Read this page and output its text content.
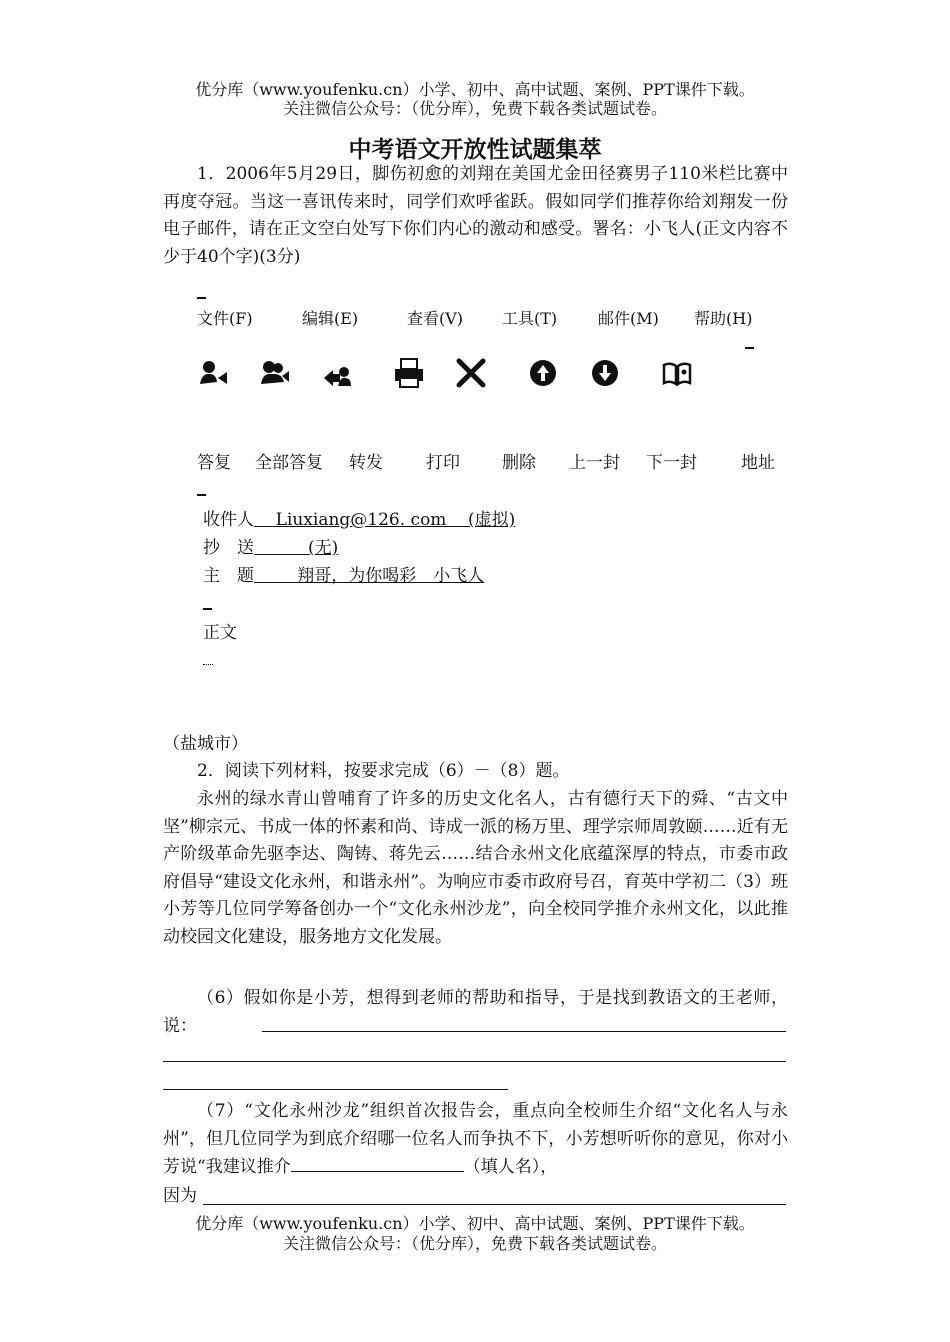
优分库（www.youfenku.cn）小学、初中、高中试题、案例、PPT课件下载。
关注微信公众号：（优分库），免费下载各类试题试卷。
中考语文开放性试题集萃
1．2006年5月29日，脚伤初愈的刘翔在美国尤金田径赛男子110米栏比赛中再度夺冠。当这一喜讯传来时，同学们欢呼雀跃。假如同学们推荐你给刘翔发一份电子邮件，请在正文空白处写下你们内心的激动和感受。署名：小飞人(正文内容不少于40个字)(3分)
文件(F)	编辑(E)	查看(V) 工具(T)	邮件(M) 帮助(H)
答复 全部答复 转发	打印 删除 上一封 下一封	地址
收件人 Liuxiang@126. com (虚拟)
抄　送	(无)
主　题	翔哥，为你喝彩　小飞人
正文
（盐城市）
2．阅读下列材料，按要求完成（6）－（8）题。
永州的绿水青山曾哺育了许多的历史文化名人，古有德行天下的舜、“古文中坚”柳宗元、书成一体的怀素和尚、诗成一派的杨万里、理学宗师周敦颐……近有无产阶级革命先驱李达、陶铸、蒋先云……结合永州文化底蕴深厚的特点，市委市政府倡导“建设文化永州，和谐永州”。为响应市委市政府号召，育英中学初二（3）班小芳等几位同学筹备创办一个“文化永州沙龙”，向全校同学推介永州文化，以此推动校园文化建设，服务地方文化发展。
（6）假如你是小芳，想得到老师的帮助和指导，于是找到教语文的王老师，说：
（7）“文化永州沙龙”组织首次报告会，重点向全校师生介绍“文化名人与永州”，但几位同学为到底介绍哪一位名人而争执不下，小芳想听听你的意见，你对小芳说“我建议推介	（填人名），
因为
优分库（www.youfenku.cn）小学、初中、高中试题、案例、PPT课件下载。
关注微信公众号：（优分库），免费下载各类试题试卷。
